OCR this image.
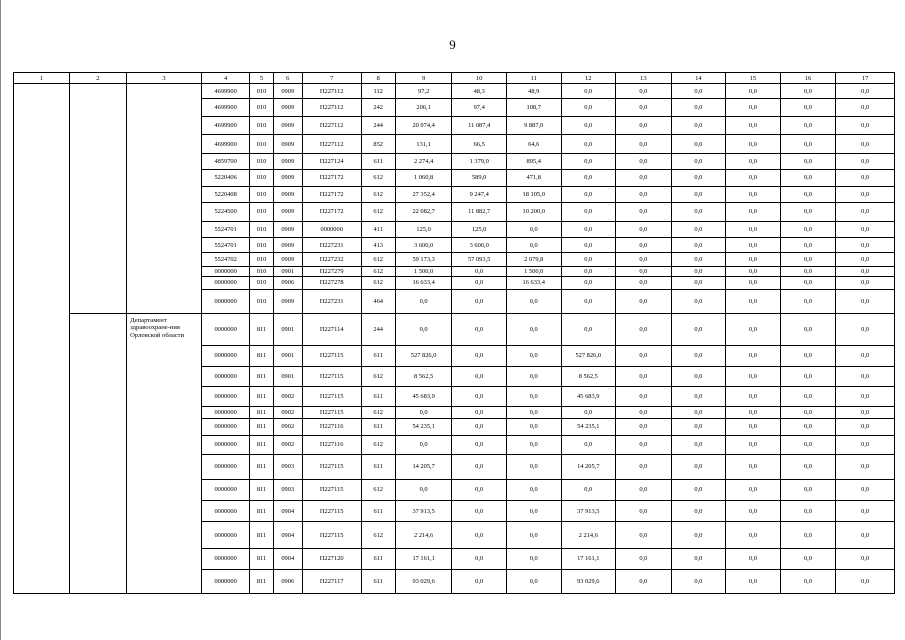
9
1	2	3	4	5	6	7	8	9	10	11	12	13	14	15	16	17
			4699900	010	0909	П227112	112	97,2	48,3	48,9	0,0	0,0	0,0	0,0	0,0	0,0
			4699900	010	0909	П227112	242	206,1	97,4	108,7	0,0	0,0	0,0	0,0	0,0	0,0
			4699900	010	0909	П227112	244	20 974,4	11 087,4	9 887,0	0,0	0,0	0,0	0,0	0,0	0,0
			4699900	010	0909	П227112	852	131,1	66,5	64,6	0,0	0,0	0,0	0,0	0,0	0,0
			4859700	010	0909	П227124	611	2 274,4	1 379,0	895,4	0,0	0,0	0,0	0,0	0,0	0,0
			5220406	010	0909	П227172	612	1 060,8	589,0	471,8	0,0	0,0	0,0	0,0	0,0	0,0
			5220408	010	0909	П227172	612	27 352,4	9 247,4	18 105,0	0,0	0,0	0,0	0,0	0,0	0,0
			5224500	010	0909	П227172	612	22 082,7	11 882,7	10 200,0	0,0	0,0	0,0	0,0	0,0	0,0
			5524701	010	0909	0000000	411	125,0	125,0	0,0	0,0	0,0	0,0	0,0	0,0	0,0
			5524701	010	0909	П227231	413	3 600,0	3 600,0	0,0	0,0	0,0	0,0	0,0	0,0	0,0
			5524702	010	0909	П227232	612	59 173,3	57 093,5	2 079,8	0,0	0,0	0,0	0,0	0,0	0,0
			0000000	010	0901	П227279	612	1 500,0	0,0	1 500,0	0,0	0,0	0,0	0,0	0,0	0,0
			0000000	010	0906	П227278	612	16 633,4	0,0	16 633,4	0,0	0,0	0,0	0,0	0,0	0,0
			0000000	010	0909	П227231	464	0,0	0,0	0,0	0,0	0,0	0,0	0,0	0,0	0,0
		Департамент здравоохране-ния Орловской области	0000000	811	0901	П227114	244	0,0	0,0	0,0	0,0	0,0	0,0	0,0	0,0	0,0
			0000000	811	0901	П227115	611	527 826,0	0,0	0,0	527 826,0	0,0	0,0	0,0	0,0	0,0
			0000000	811	0901	П227115	612	8 562,5	0,0	0,0	8 562,5	0,0	0,0	0,0	0,0	0,0
			0000000	811	0902	П227115	611	45 683,9	0,0	0,0	45 683,9	0,0	0,0	0,0	0,0	0,0
			0000000	811	0902	П227115	612	0,0	0,0	0,0	0,0	0,0	0,0	0,0	0,0	0,0
			0000000	811	0902	П227116	611	54 235,1	0,0	0,0	54 235,1	0,0	0,0	0,0	0,0	0,0
			0000000	811	0902	П227116	612	0,0	0,0	0,0	0,0	0,0	0,0	0,0	0,0	0,0
			0000000	811	0903	П227115	611	14 205,7	0,0	0,0	14 205,7	0,0	0,0	0,0	0,0	0,0
			0000000	811	0903	П227115	612	0,0	0,0	0,0	0,0	0,0	0,0	0,0	0,0	0,0
			0000000	811	0904	П227115	611	37 913,5	0,0	0,0	37 913,5	0,0	0,0	0,0	0,0	0,0
			0000000	811	0904	П227115	612	2 214,6	0,0	0,0	2 214,6	0,0	0,0	0,0	0,0	0,0
			0000000	811	0904	П227120	611	17 161,1	0,0	0,0	17 161,1	0,0	0,0	0,0	0,0	0,0
			0000000	811	0906	П227117	611	93 029,6	0,0	0,0	93 029,6	0,0	0,0	0,0	0,0	0,0
